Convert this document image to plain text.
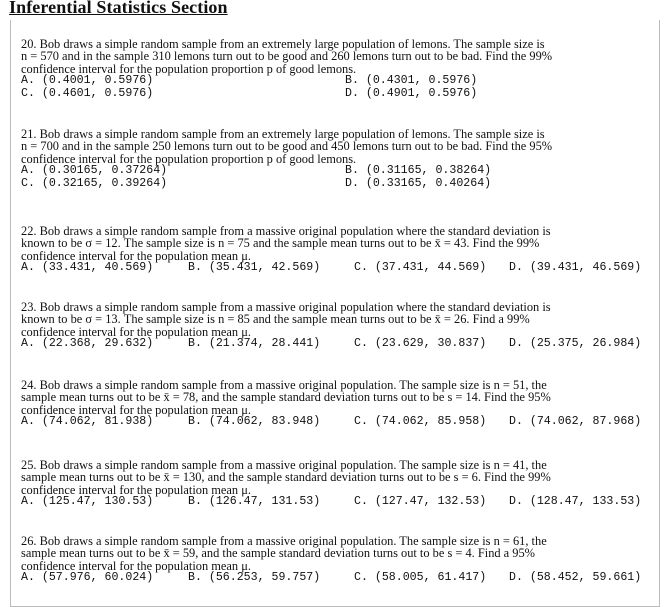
Inferential Statistics Section

20. Bob draws a simple random sample from an extremely large population of lemons. The sample size is

n = 570 and in the sample 310 lemons turn out to be good and 260 lemons turn out to be bad. Find the 99%

confidence interval for the population proportion p of good lemons.

A. (0.4001, 0.5976)	B. (0.4301, 0.5976)
C. (0.4601, 0.5976)	D. (0.4901, 0.5976)

21. Bob draws a simple random sample from an extremely large population of lemons. The sample size is

n = 700 and in the sample 250 lemons turn out to be good and 450 lemons turn out to be bad. Find the 95%

confidence interval for the population proportion p of good lemons.

A. (0.30165, 0.37264)	B. (0.31165, 0.38264)
C. (0.32165, 0.39264)	D. (0.33165, 0.40264)

22. Bob draws a simple random sample from a massive original population where the standard deviation is

known to be σ = 12. The sample size is n = 75 and the sample mean turns out to be x̄ = 43. Find the 99%

confidence interval for the population mean μ.

A. (33.431, 40.569)	B. (35.431, 42.569)	C. (37.431, 44.569) D. (39.431, 46.569)

23. Bob draws a simple random sample from a massive original population where the standard deviation is

known to be σ = 13. The sample size is n = 85 and the sample mean turns out to be x̄ = 26. Find a 99%

confidence interval for the population mean μ.

A. (22.368, 29.632)	B. (21.374, 28.441)	C. (23.629, 30.837) D. (25.375, 26.984)

24. Bob draws a simple random sample from a massive original population. The sample size is n = 51, the

sample mean turns out to be x̄ = 78, and the sample standard deviation turns out to be s = 14. Find the 95%

confidence interval for the population mean μ.

A. (74.062, 81.938)	B. (74.062, 83.948)	C. (74.062, 85.958) D. (74.062, 87.968)

25. Bob draws a simple random sample from a massive original population. The sample size is n = 41, the

sample mean turns out to be x̄ = 130, and the sample standard deviation turns out to be s = 6. Find the 99%

confidence interval for the population mean μ.

A. (125.47, 130.53)	B. (126.47, 131.53)	C. (127.47, 132.53) D. (128.47, 133.53)

26. Bob draws a simple random sample from a massive original population. The sample size is n = 61, the

sample mean turns out to be x̄ = 59, and the sample standard deviation turns out to be s = 4. Find a 95%

confidence interval for the population mean μ.

A. (57.976, 60.024)	B. (56.253, 59.757)	C. (58.005, 61.417) D. (58.452, 59.661)
